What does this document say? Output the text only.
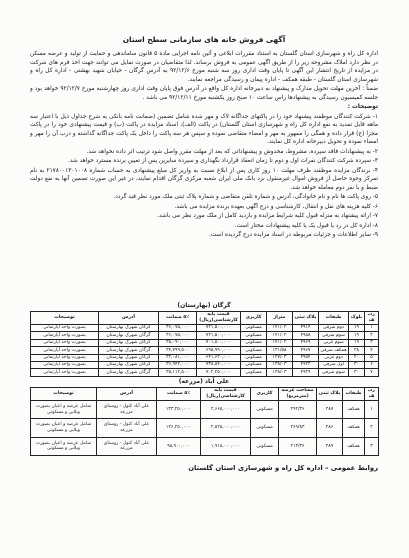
آگهی فروش خانه های سازمانی سطح استان

اداره کل راه و شهرسازی استان گلستان به استناد مقررات ابلاغی و آئین نامه اجرایی ماده ۵ قانون ساماندهی و حمایت از تولید و عرضه مسکن در نظر دارد املاک مشروحه زیر را از طریق آگهی عمومی به فروش برساند. لذا متقاضیان در صورت تمایل می توانند جهت اخذ فرم های شرکت در مزایده از تاریخ انتشار این آگهی تا پایان وقت اداری روز سه شنبه مورخ ۹۲/۱۲/۶ به آدرس گرگان - خیابان شهید بهشتی - اداره کل راه و شهرسازی استان گلستان - طبقه همکف - اداره پیمان و رسیدگی مراجعه نمایند.

ضمناً : آخرین مهلت تحویل مدارک و پیشنهاد به دبیرخانه اداره کل واقع در آدرس فوق پایان وقت اداری روز چهارشنبه مورخ ۹۲/۱۲/۷ خواهد بود و جلسه کمیسیون رسیدگی به پیشنهادها راس ساعت ۱۰ صبح روز یکشنبه مورخ ۹۲/۱۲/۱۱ می باشد .

توضیحات :

۱- شرکت کنندگان موظفند پیشنهاد خود را در پاکتهای جداگانه لاک و مهر شده شامل تضمین (ضمانت نامه بانکی به شرح جداول ذیل با اعتبار سه ماهه قابل تمدید به نفع اداره کل راه و شهرسازی استان گلستان) در پاکت (الف)، اسناد مزایده در پاکت (ب) و قیمت پیشنهادی خود را در پاکت مجزا (ج) قرار داده و همگی را ممهور به مهر و امضاء متقاضی نموده و سپس هر سه پاکت را داخل یک پاکت جداگانه گذاشته و درب آن را مهر و امضاء نموده و تحویل دبیرخانه اداره کل نمایند.

۲- به پیشنهادات فاقد سپرده، مشروط، مخدوش و پیشنهاداتی که بعد از مهلت مقرر واصل شود ترتیب اثر داده نخواهد شد.

۳- سپرده شرکت کنندگان نفرات اول و دوم تا زمان انعقاد قرارداد نگهداری و سپرده سایرین پس از تعیین برنده مسترد خواهد شد.

۴- برندگان مزایده موظفند ظرف مهلت ۱۰ روز کاری پس از ابلاغ نسبت به واریز کل مبلغ پیشنهادی به حساب شماره ۲۱۷۸۰۰۱۳۰۱۰۰۸ به نام تمرکز وجوه حاصل از فروش اموال غیرمنقول نزد بانک ملی ایران شعبه مرکزی گرگان اقدام نمایند، در غیر این صورت تضمین آنها به نفع دولت ضبط و با نفر دوم معامله خواهد شد.

۵- روی پاکت ها نام و نام خانوادگی، آدرس و شماره تلفن متقاضی و شماره پلاک ثبتی ملک مورد نظر قید گردد.

۶- کلیه هزینه های نقل و انتقال، کارشناسی و درج آگهی بعهده برنده مزایده می باشد.

۷- ارائه پیشنهاد به منزله قبول کلیه شرایط مزایده و بازدید کامل از ملک مورد نظر می باشد.

۸- اداره کل در رد یا قبول یک یا کلیه پیشنهادات مختار است.

۹- سایر اطلاعات و جزئیات مربوطه در اسناد مزایده درج گردیده است.

گرگان (بهارستان)
ردیف	بلوک	طبقات	پلاک ثبتی	متراژ	کاربری	قیمت پایه کارشناسی(ریال)	۵٪ ضمانت	آدرس	توضیحات
۱	۱۹	دوم شرقی	۴۹۱۴	۱۴۱/۰۲	مسکونی	۷۲۱,۵۰۰,۰۰۰	۳۶,۰۷۵,۰۰۰	گرگان شهرک بهارستان	بصورت واحد آپارتمانی
۲	۱۹	سوم شرقی	۴۹۵۸	۱۴۱/۰۲	مسکونی	۷۲۱,۵۰۰,۰۰۰	۳۶,۰۷۵,۰۰۰	گرگان شهرک بهارستان	بصورت واحد آپارتمانی
۳	۱۹	سوم غربی	۴۹۶۹	۱۴۱/۰۲	مسکونی	۷۰۱,۸۰۰,۰۰۰	۳۵,۰۹۰,۰۰۰	گرگان شهرک بهارستان	بصورت واحد آپارتمانی
۴	۲۸	همکف شرقی	۴۹۶۷	۱۳۱/۵۸	مسکونی	۶۹۵,۹۹۰,۰۰۰	۳۴,۷۹۹,۵۰۰	گرگان شهرک بهارستان	بصورت واحد آپارتمانی
۵	۲۰	دوم غربی	۴۹۵۴	۱۲۷/۰۳	مسکونی	۶۴۱,۶۲۰,۰۰۰	۳۲,۰۸۱,۰۰۰	گرگان شهرک بهارستان	بصورت واحد آپارتمانی
۶	۳۰	اول شرقی	۴۹۲۳	۱۳۸/۰۳	مسکونی	۷۳۸,۸۴۰,۰۰۰	۳۶,۹۴۲,۰۰۰	گرگان شهرک بهارستان	بصورت واحد آپارتمانی
۷	۳۰	سوم شرقی	۴۹۲۹	۱۳۸/۰۳	مسکونی	۷۰۲,۲۵۰,۰۰۰	۳۵,۱۱۲,۵۰۰	گرگان شهرک بهارستان	بصورت واحد آپارتمانی
علی آباد (مزرعه)
ردیف	طبقات	پلاک ثبتی	مساحت عرصه (مترمربع)	کاربری	قیمت پایه کارشناسی(ریال)	۵٪ ضمانت	آدرس	توضیحات
۱	همکف	۲۸۷	۲۹۲/۳۶	مسکونی	۲,۶۶۵,۰۰۰,۰۰۰	۱۳۳,۲۵۰,۰۰۰	علی آباد کتول - روستای مزرعه	شامل عرصه و اعیان بصورت ویلایی و مسکونی
۲	همکف	۲۸۶	۲۶۹/۸۳	مسکونی	۲,۵۲۵,۰۰۰,۰۰۰	۱۲۶,۲۵۰,۰۰۰	علی آباد کتول - روستای مزرعه	شامل عرصه و اعیان بصورت ویلایی و مسکونی
۳	همکف	۲۸۹	۲۱۳/۳۶	مسکونی	۱,۹۱۸,۰۰۰,۰۰۰	۹۵,۹۰۰,۰۰۰	علی آباد کتول - روستای مزرعه	شامل عرصه و اعیان بصورت ویلایی و مسکونی
روابط عمومی – اداره کل راه و شهرسازی استان گلستان
